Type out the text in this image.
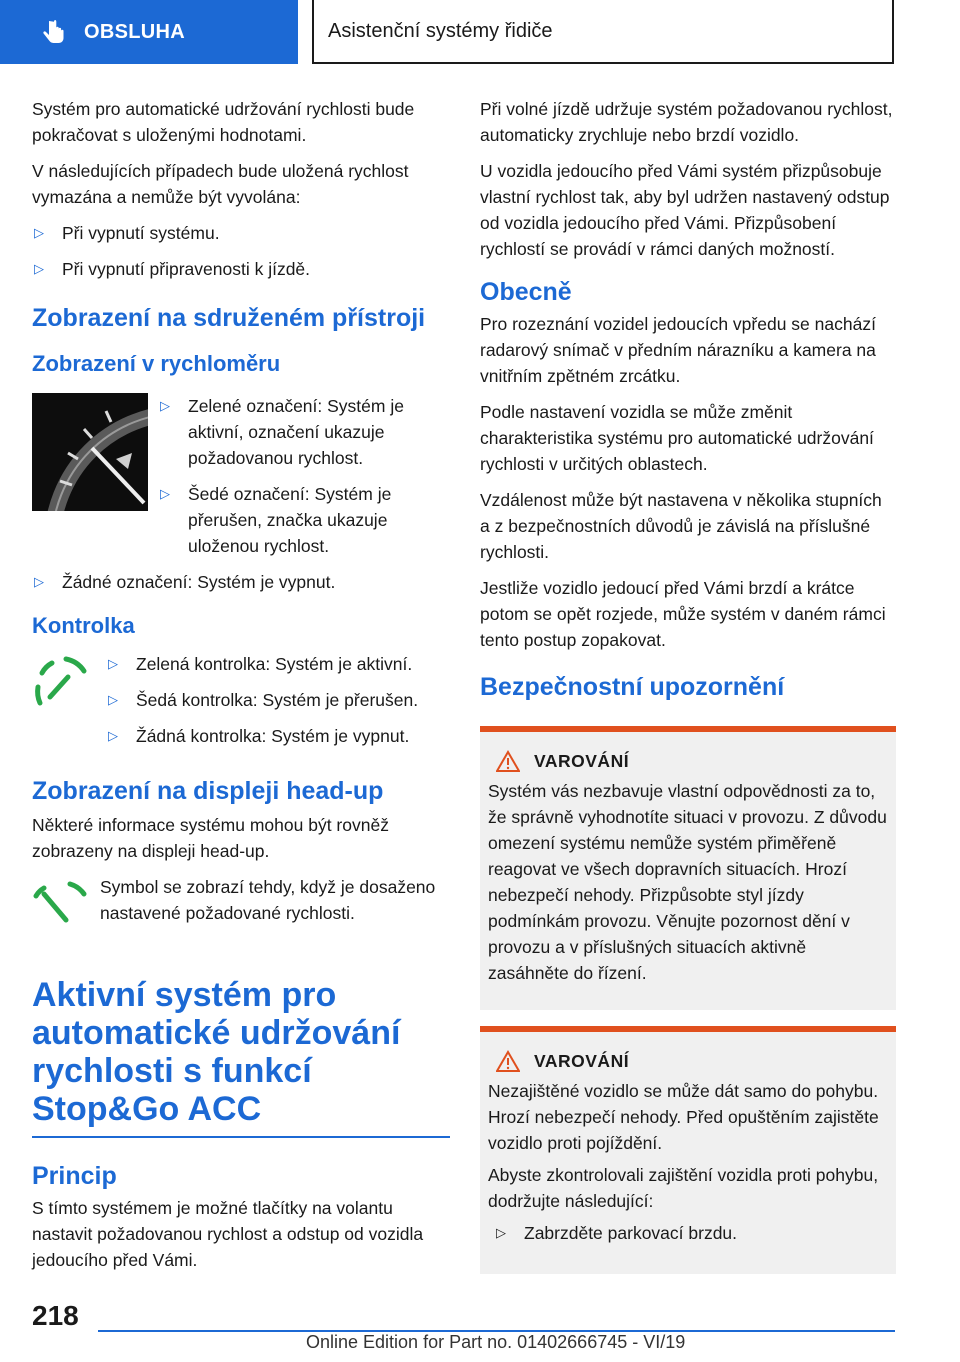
OBSLUHA	Asistenční systémy řidiče

Systém pro automatické udržování rychlosti bude pokračovat s uloženými hodnotami.

V následujících případech bude uložená rychlost vymazána a nemůže být vyvolána:

▷ Při vypnutí systému.
▷ Při vypnutí připravenosti k jízdě.
Zobrazení na sdruženém přístroji
Zobrazení v rychloměru
▷ Zelené označení: Systém je aktivní, označení ukazuje požadovanou rychlost.
▷ Šedé označení: Systém je přerušen, značka ukazuje uloženou rychlost.
▷ Žádné označení: Systém je vypnut.
Kontrolka
▷ Zelená kontrolka: Systém je aktivní.
▷ Šedá kontrolka: Systém je přerušen.
▷ Žádná kontrolka: Systém je vypnut.
Zobrazení na displeji head-up

Některé informace systému mohou být rovněž zobrazeny na displeji head-up.

Symbol se zobrazí tehdy, když je dosaženo nastavené požadované rychlosti.

Aktivní systém pro automatické udržování rychlosti s funkcí Stop&Go ACC
Princip

S tímto systémem je možné tlačítky na volantu nastavit požadovanou rychlost a odstup od vozidla jedoucího před Vámi.

Při volné jízdě udržuje systém požadovanou rychlost, automaticky zrychluje nebo brzdí vozidlo.

U vozidla jedoucího před Vámi systém přizpůsobuje vlastní rychlost tak, aby byl udržen nastavený odstup od vozidla jedoucího před Vámi. Přizpůsobení rychlostí se provádí v rámci daných možností.

Obecně

Pro rozeznání vozidel jedoucích vpředu se nachází radarový snímač v předním nárazníku a kamera na vnitřním zpětném zrcátku.

Podle nastavení vozidla se může změnit charakteristika systému pro automatické udržování rychlosti v určitých oblastech.

Vzdálenost může být nastavena v několika stupních a z bezpečnostních důvodů je závislá na příslušné rychlosti.

Jestliže vozidlo jedoucí před Vámi brzdí a krátce potom se opět rozjede, může systém v daném rámci tento postup zopakovat.

Bezpečnostní upozornění
VAROVÁNÍ

Systém vás nezbavuje vlastní odpovědnosti za to, že správně vyhodnotíte situaci v provozu. Z důvodu omezení systému nemůže systém přiměřeně reagovat ve všech dopravních situacích. Hrozí nebezpečí nehody. Přizpůsobte styl jízdy podmínkám provozu. Věnujte pozornost dění v provozu a v příslušných situacích aktivně zasáhněte do řízení.

VAROVÁNÍ

Nezajištěné vozidlo se může dát samo do pohybu. Hrozí nebezpečí nehody. Před opuštěním zajistěte vozidlo proti pojíždění.

Abyste zkontrolovali zajištění vozidla proti pohybu, dodržujte následující:

▷ Zabrzděte parkovací brzdu.
218
Online Edition for Part no. 01402666745 - VI/19
